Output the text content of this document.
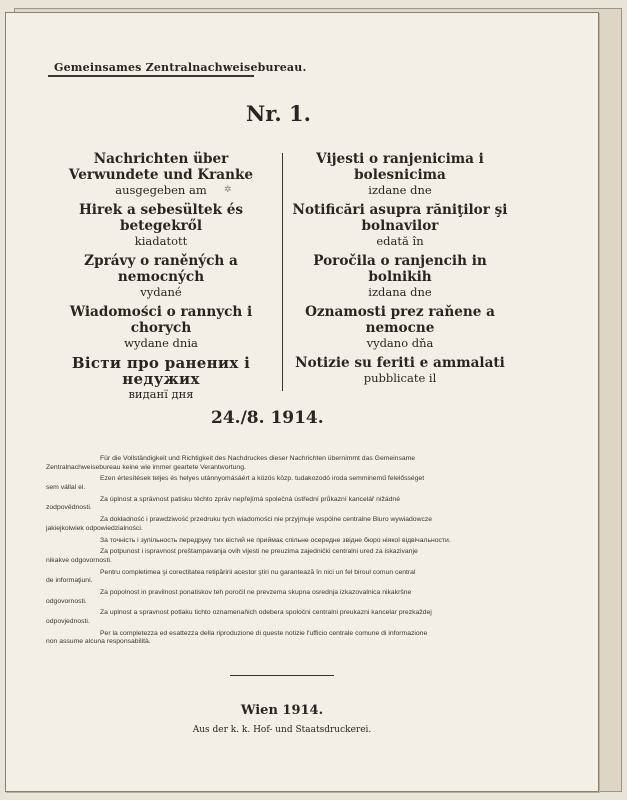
Gemeinsames Zentralnachweisebureau.
Nr. 1.
✲
Nachrichten über Verwundete und Kranke
ausgegeben am
Hirek a sebesültek és betegekről
kiadatott
Zprávy o raněných a nemocných
vydané
Wiadomości o rannych i chorych
wydane dnia
Вісти про ранених і недужих
виданї дня
Vijesti o ranjenicima i bolesnicima
izdane dne
Notificări asupra răniţilor şi bolnavilor
edată în
Poročila o ranjencih in bolnikih
izdana dne
Oznamosti prez raňene a nemocne
vydano dňa
Notizie su feriti e ammalati
pubblicate il
24./8. 1914.

Für die Vollständigkeit und Richtigkeit des Nachdruckes dieser Nachrichten übernimmt das Gemeinsame
Zentralnachweisebureau keine wie immer geartete Verantwortung.

Ezen értesítések teljes és helyes utánnyomásáért a közös közp. tudakozodó iroda semminemű felelősséget
sem vállal el.

Za úplnost a správnost patisku těchto zpráv nepřejímá společná ústřední průkazní kancelář nižádné
zodpovědnosti.

Za dokładność i prawdziwość przedruku tych wiadomości nie przyjmuje wspólne centralne Biuro wywiadowcze
jakiejkolwiek odpowiedzialności.

За точність і зупільность передруку тих вістий не приймає спільне осередне звідне бюро ніякої відвічальности.

Za potpunost i ispravnost preštampavanja ovih vijesti ne preuzima zajednički centralni ured za iskazivanje
nikakve odgovornosti.

Pentru completimea şi corectitatea retipăririi acestor ştiri nu garantează în nici un fel biroul comun central
de informaţiuni.

Za popolnost in pravilnost ponatiskov teh poročil ne prevzema skupna osrednja izkazovalnica nikakršne
odgovornosti.

Za uplnost a spravnost potlaku tichto oznamenaňich odebera spoločni centralni preukazni kancelar prezkaždej
odpovjednosti.

Per la completezza ed esattezza della riproduzione di queste notizie l'ufficio centrale comune di informazione
non assume alcuna responsabilità.

Wien 1914.
Aus der k. k. Hof- und Staatsdruckerei.
